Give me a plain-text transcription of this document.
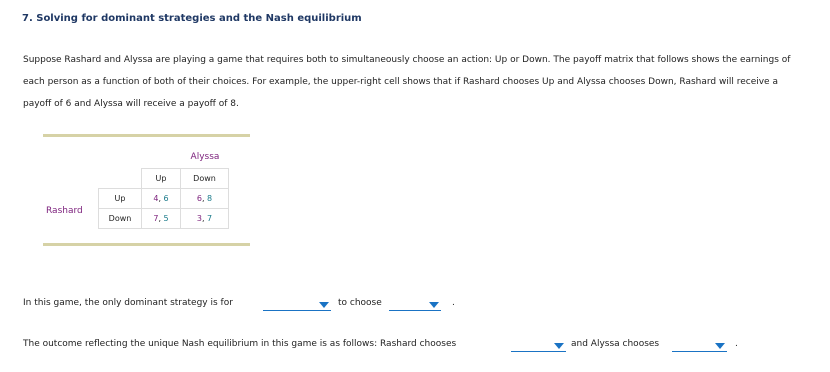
7. Solving for dominant strategies and the Nash equilibrium
Suppose Rashard and Alyssa are playing a game that requires both to simultaneously choose an action: Up or Down. The payoff matrix that follows shows the earnings of each person as a function of both of their choices. For example, the upper-right cell shows that if Rashard chooses Up and Alyssa chooses Down, Rashard will receive a payoff of 6 and Alyssa will receive a payoff of 8.
Alyssa
Rashard
	Up	Down
Up	4, 6	6, 8
Down	7, 5	3, 7
In this game, the only dominant strategy is for	to choose	.
The outcome reflecting the unique Nash equilibrium in this game is as follows: Rashard chooses	and Alyssa chooses	.
